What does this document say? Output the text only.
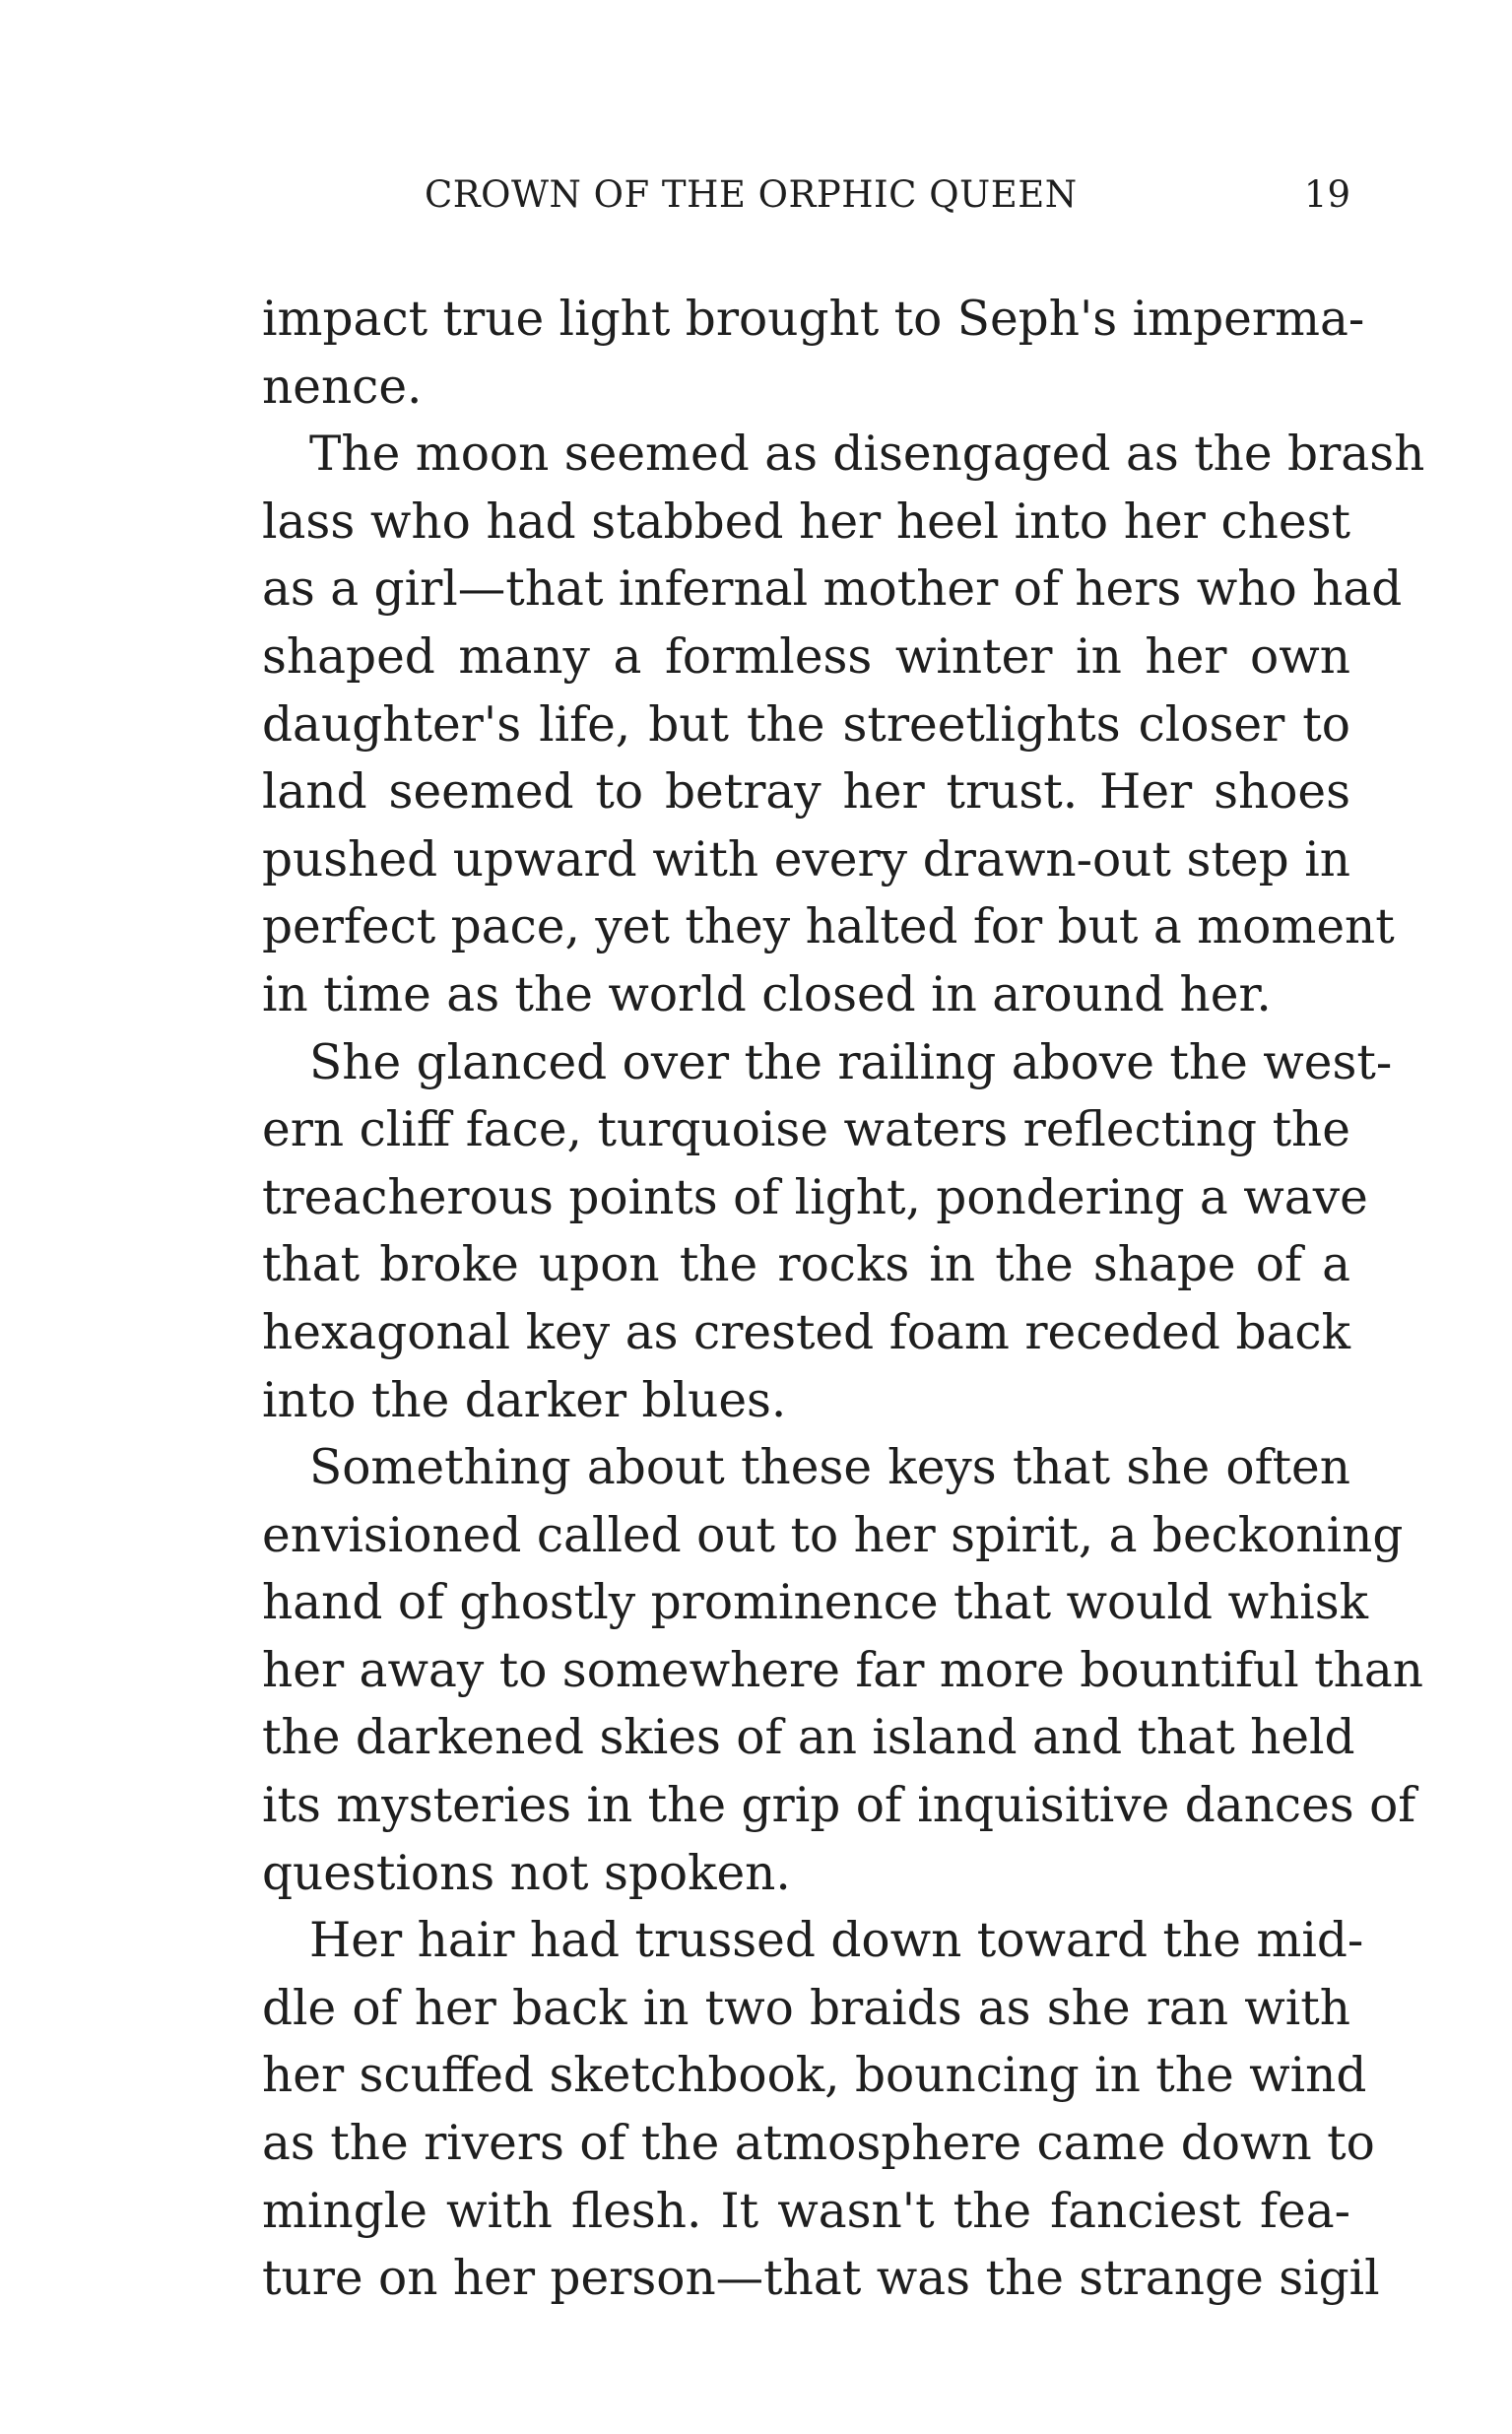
CROWN OF THE ORPHIC QUEEN	19
impact true light brought to Seph's imperma-
nence.
The moon seemed as disengaged as the brash
lass who had stabbed her heel into her chest
as a girl—that infernal mother of hers who had
shaped many a formless winter in her own
daughter's life, but the streetlights closer to
land seemed to betray her trust. Her shoes
pushed upward with every drawn-out step in
perfect pace, yet they halted for but a moment
in time as the world closed in around her.
She glanced over the railing above the west-
ern cliff face, turquoise waters reflecting the
treacherous points of light, pondering a wave
that broke upon the rocks in the shape of a
hexagonal key as crested foam receded back
into the darker blues.
Something about these keys that she often
envisioned called out to her spirit, a beckoning
hand of ghostly prominence that would whisk
her away to somewhere far more bountiful than
the darkened skies of an island and that held
its mysteries in the grip of inquisitive dances of
questions not spoken.
Her hair had trussed down toward the mid-
dle of her back in two braids as she ran with
her scuffed sketchbook, bouncing in the wind
as the rivers of the atmosphere came down to
mingle with flesh. It wasn't the fanciest fea-
ture on her person—that was the strange sigil
